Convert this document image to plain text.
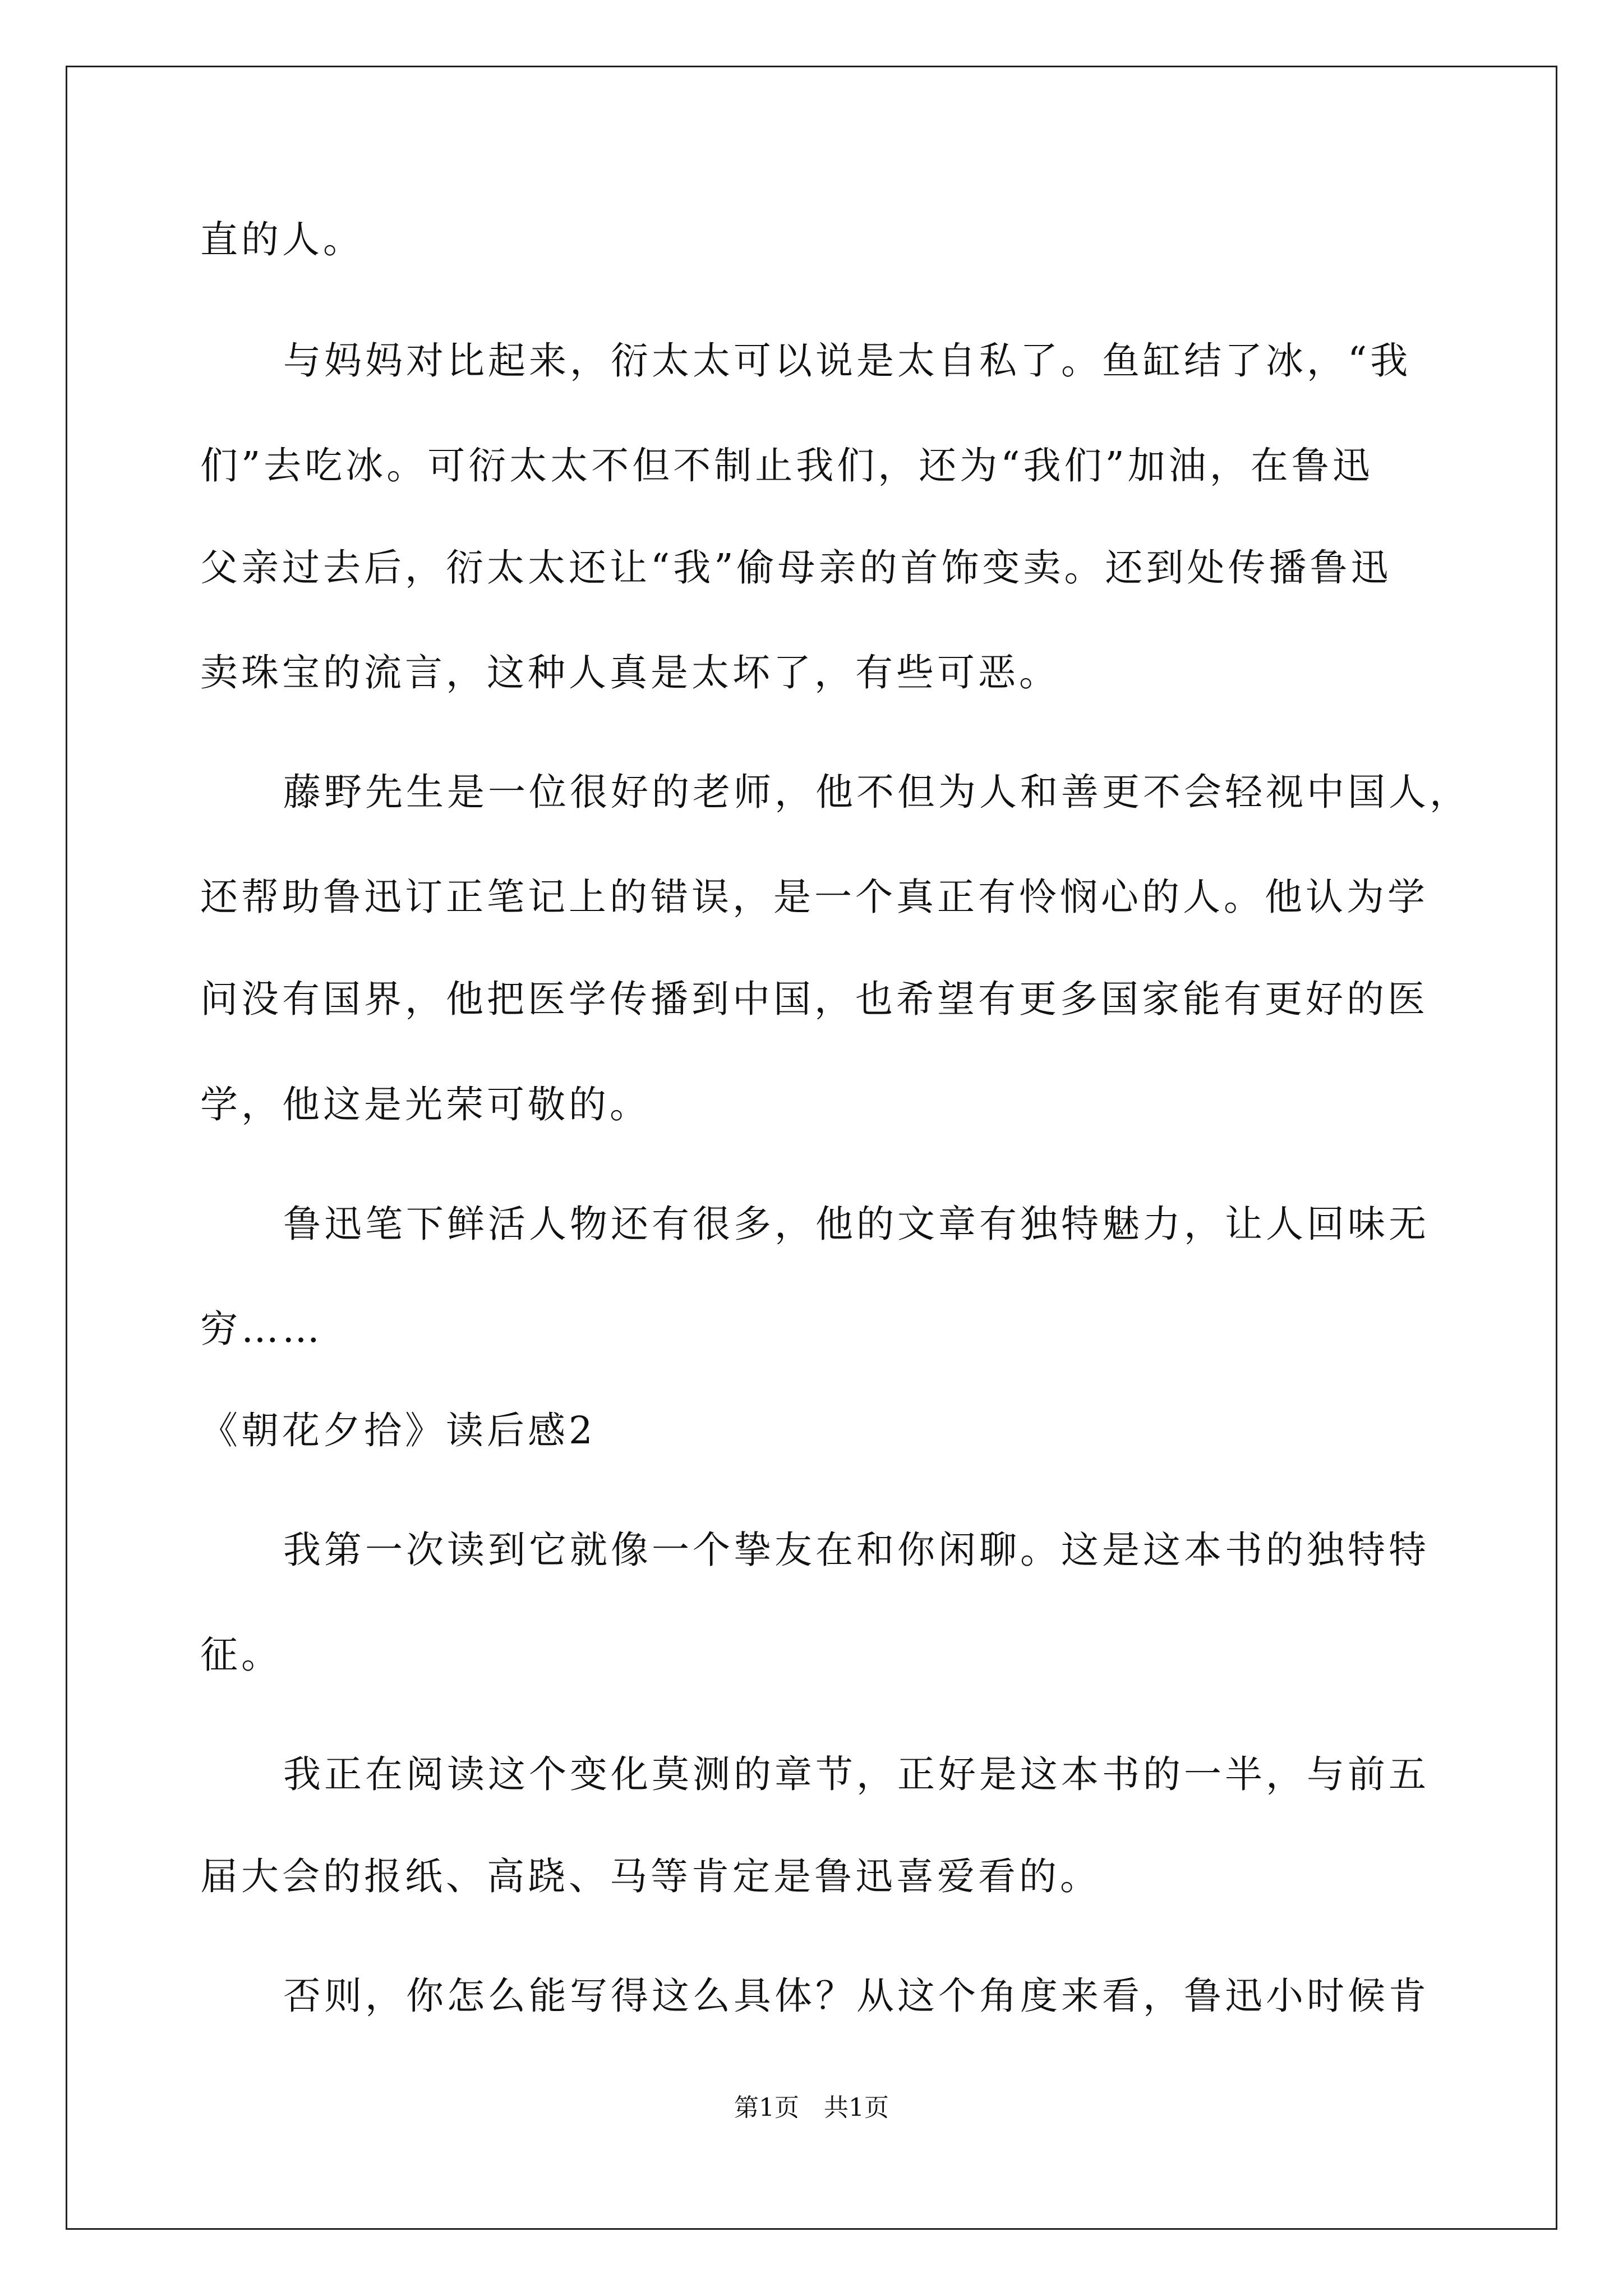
直的人。
与妈妈对比起来，衍太太可以说是太自私了。鱼缸结了冰，“我
们”去吃冰。可衍太太不但不制止我们，还为“我们”加油，在鲁迅
父亲过去后，衍太太还让“我”偷母亲的首饰变卖。还到处传播鲁迅
卖珠宝的流言，这种人真是太坏了，有些可恶。
藤野先生是一位很好的老师，他不但为人和善更不会轻视中国人，
还帮助鲁迅订正笔记上的错误，是一个真正有怜悯心的人。他认为学
问没有国界，他把医学传播到中国，也希望有更多国家能有更好的医
学，他这是光荣可敬的。
鲁迅笔下鲜活人物还有很多，他的文章有独特魅力，让人回味无
穷……
《朝花夕拾》读后感2
我第一次读到它就像一个挚友在和你闲聊。这是这本书的独特特
征。
我正在阅读这个变化莫测的章节，正好是这本书的一半，与前五
届大会的报纸、高跷、马等肯定是鲁迅喜爱看的。
否则，你怎么能写得这么具体？从这个角度来看，鲁迅小时候肯
第1页　共1页
